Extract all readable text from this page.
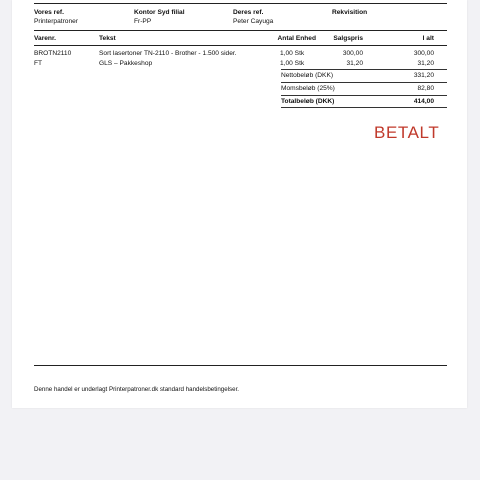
Vores ref.	Kontor Syd filial	Deres ref.	Rekvisition
Printerpatroner	Fr-PP	Peter Cayuga
Varenr.	Tekst	Antal Enhed	Salgspris	I alt
BROTN2110	Sort lasertoner TN-2110 - Brother - 1.500 sider.	1,00 Stk	300,00	300,00
FT	GLS – Pakkeshop	1,00 Stk	31,20	31,20
Nettobeløb (DKK)	331,20
Momsbeløb (25%)	82,80
Totalbeløb (DKK)	414,00
BETALT
Denne handel er underlagt Printerpatroner.dk standard handelsbetingelser.
